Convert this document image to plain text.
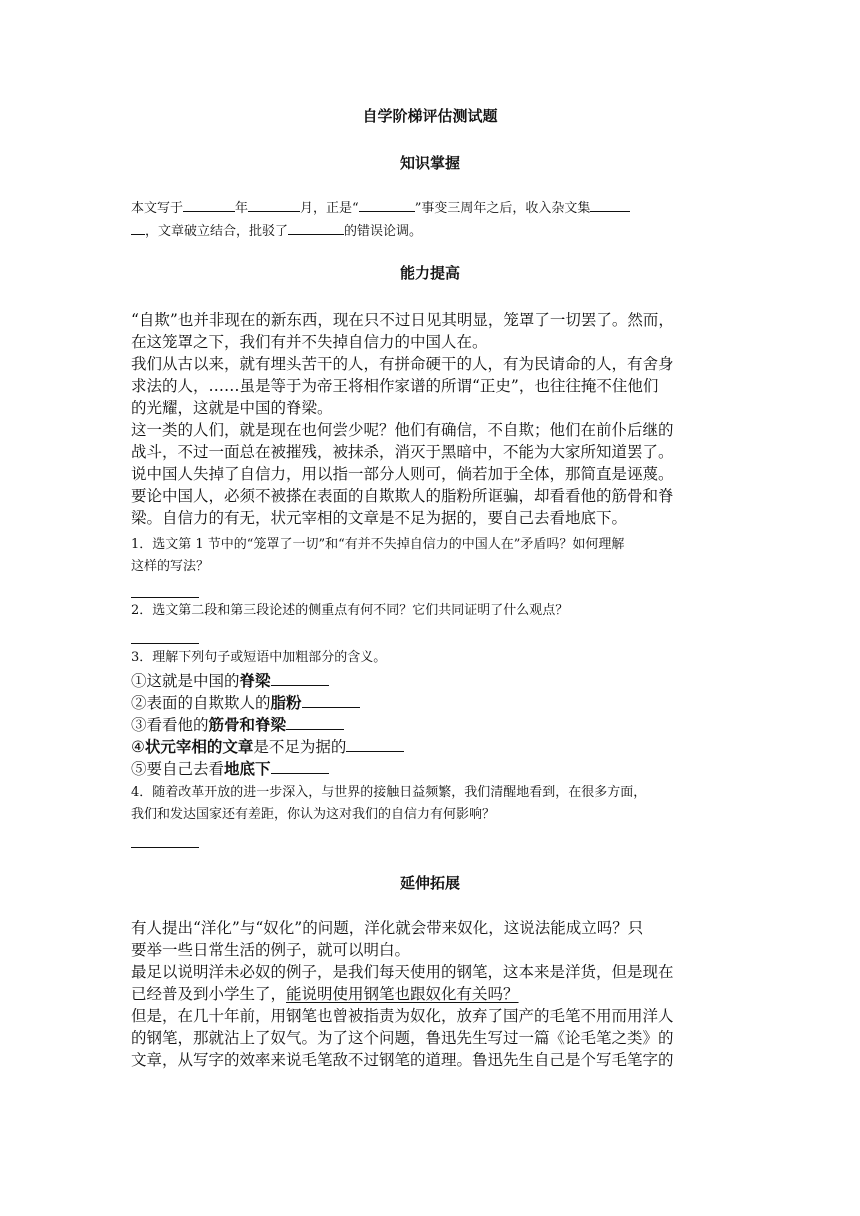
自学阶梯评估测试题
知识掌握
本文写于	年	月，正是“	”事变三周年之后，收入杂文集
，文章破立结合，批驳了	的错误论调。
能力提高
“自欺”也并非现在的新东西，现在只不过日见其明显，笼罩了一切罢了。然而，
在这笼罩之下，我们有并不失掉自信力的中国人在。
我们从古以来，就有埋头苦干的人，有拼命硬干的人，有为民请命的人，有舍身
求法的人，……虽是等于为帝王将相作家谱的所谓“正史”，也往往掩不住他们
的光耀，这就是中国的脊梁。
这一类的人们，就是现在也何尝少呢？他们有确信，不自欺；他们在前仆后继的
战斗，不过一面总在被摧残，被抹杀，消灭于黑暗中，不能为大家所知道罢了。
说中国人失掉了自信力，用以指一部分人则可，倘若加于全体，那简直是诬蔑。
要论中国人，必须不被搽在表面的自欺欺人的脂粉所诓骗，却看看他的筋骨和脊
梁。自信力的有无，状元宰相的文章是不足为据的，要自己去看地底下。
1．选文第 1 节中的“笼罩了一切”和“有并不失掉自信力的中国人在”矛盾吗？如何理解
这样的写法？
2．选文第二段和第三段论述的侧重点有何不同？它们共同证明了什么观点？
3．理解下列句子或短语中加粗部分的含义。
①这就是中国的脊梁
②表面的自欺欺人的脂粉
③看看他的筋骨和脊梁
④状元宰相的文章是不足为据的
⑤要自己去看地底下
4．随着改革开放的进一步深入，与世界的接触日益频繁，我们清醒地看到，在很多方面，
我们和发达国家还有差距，你认为这对我们的自信力有何影响？
延伸拓展
有人提出“洋化”与“奴化”的问题，洋化就会带来奴化，这说法能成立吗？只
要举一些日常生活的例子，就可以明白。
最足以说明洋未必奴的例子，是我们每天使用的钢笔，这本来是洋货，但是现在
已经普及到小学生了，能说明使用钢笔也跟奴化有关吗？
但是，在几十年前，用钢笔也曾被指责为奴化，放弃了国产的毛笔不用而用洋人
的钢笔，那就沾上了奴气。为了这个问题，鲁迅先生写过一篇《论毛笔之类》的
文章，从写字的效率来说毛笔敌不过钢笔的道理。鲁迅先生自己是个写毛笔字的
